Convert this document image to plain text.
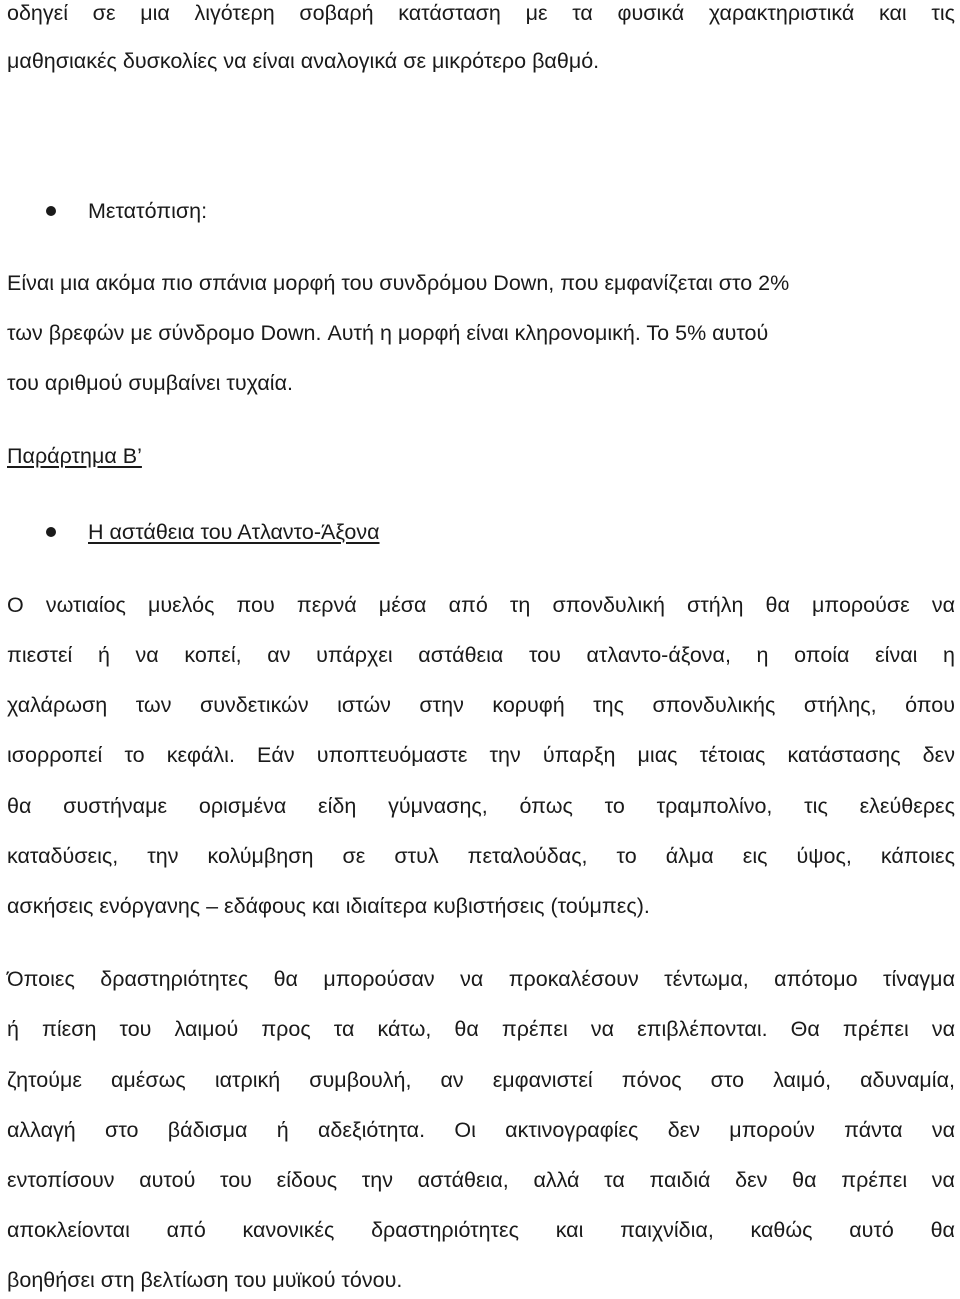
οδηγεί σε μια λιγότερη σοβαρή κατάσταση με τα φυσικά χαρακτηριστικά και τις
μαθησιακές δυσκολίες να είναι αναλογικά σε μικρότερο βαθμό.
Μετατόπιση:
Είναι μια ακόμα πιο σπάνια μορφή του συνδρόμου Down, που εμφανίζεται στο 2%
των βρεφών με σύνδρομο Down. Αυτή η μορφή είναι κληρονομική. Το 5% αυτού
του αριθμού συμβαίνει τυχαία.
Παράρτημα Β’
Η αστάθεια του Ατλαντο-Άξονα
Ο νωτιαίος μυελός που περνά μέσα από τη σπονδυλική στήλη θα μπορούσε να
πιεστεί ή να κοπεί, αν υπάρχει αστάθεια του ατλαντο-άξονα, η οποία είναι η
χαλάρωση των συνδετικών ιστών στην κορυφή της σπονδυλικής στήλης, όπου
ισορροπεί το κεφάλι. Εάν υποπτευόμαστε την ύπαρξη μιας τέτοιας κατάστασης δεν
θα συστήναμε ορισμένα είδη γύμνασης, όπως το τραμπολίνο, τις ελεύθερες
καταδύσεις, την κολύμβηση σε στυλ πεταλούδας, το άλμα εις ύψος, κάποιες
ασκήσεις ενόργανης – εδάφους και ιδιαίτερα κυβιστήσεις (τούμπες).
Όποιες δραστηριότητες θα μπορούσαν να προκαλέσουν τέντωμα, απότομο τίναγμα
ή πίεση του λαιμού προς τα κάτω, θα πρέπει να επιβλέπονται. Θα πρέπει να
ζητούμε αμέσως ιατρική συμβουλή, αν εμφανιστεί πόνος στο λαιμό, αδυναμία,
αλλαγή στο βάδισμα ή αδεξιότητα. Οι ακτινογραφίες δεν μπορούν πάντα να
εντοπίσουν αυτού του είδους την αστάθεια, αλλά τα παιδιά δεν θα πρέπει να
αποκλείονται από κανονικές δραστηριότητες και παιχνίδια, καθώς αυτό θα
βοηθήσει στη βελτίωση του μυϊκού τόνου.
